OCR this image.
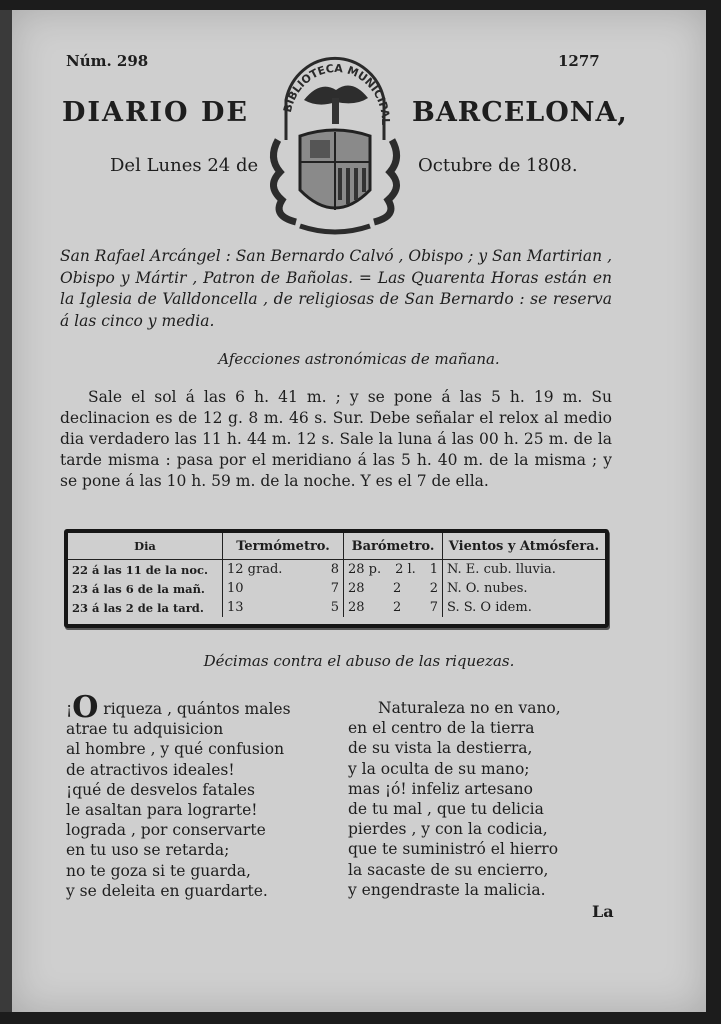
Núm. 298	1277
DIARIO DE	BARCELONA,
Del Lunes 24 de	Octubre de 1808.
BIBLIOTECA MUNICIPAL
San Rafael Arcángel : San Bernardo Calvó , Obispo ; y San Martirian , Obispo y Mártir , Patron de Bañolas. = Las Quarenta Horas están en la Iglesia de Valldoncella , de religiosas de San Bernardo : se reserva á las cinco y media.
Afecciones astronómicas de mañana.

Sale el sol á las 6 h. 41 m. ; y se pone á las 5 h. 19 m. Su declinacion es de 12 g. 8 m. 46 s. Sur. Debe señalar el relox al medio dia verdadero las 11 h. 44 m. 12 s. Sale la luna á las 00 h. 25 m. de la tarde misma : pasa por el meridiano á las 5 h. 40 m. de la misma ; y se pone á las 10 h. 59 m. de la noche. Y es el 7 de ella.

Dia	Termómetro.	Barómetro.	Vientos y Atmósfera.
22 á las 11 de la noc.	12 grad. 8	28 p. 2 l. 1	N. E. cub. lluvia.
23 á las 6 de la mañ.	10 7	28 2 2	N. O. nubes.
23 á las 2 de la tard.	13 5	28 2 7	S. S. O idem.
Décimas contra el abuso de las riquezas.
¡O riqueza , quántos males
atrae tu adquisicion
al hombre , y qué confusion
de atractivos ideales!
¡qué de desvelos fatales
le asaltan para lograrte!
lograda , por conservarte
en tu uso se retarda;
no te goza si te guarda,
y se deleita en guardarte.
Naturaleza no en vano,
en el centro de la tierra
de su vista la destierra,
y la oculta de su mano;
mas ¡ó! infeliz artesano
de tu mal , que tu delicia
pierdes , y con la codicia,
que te suministró el hierro
la sacaste de su encierro,
y engendraste la malicia.
La
